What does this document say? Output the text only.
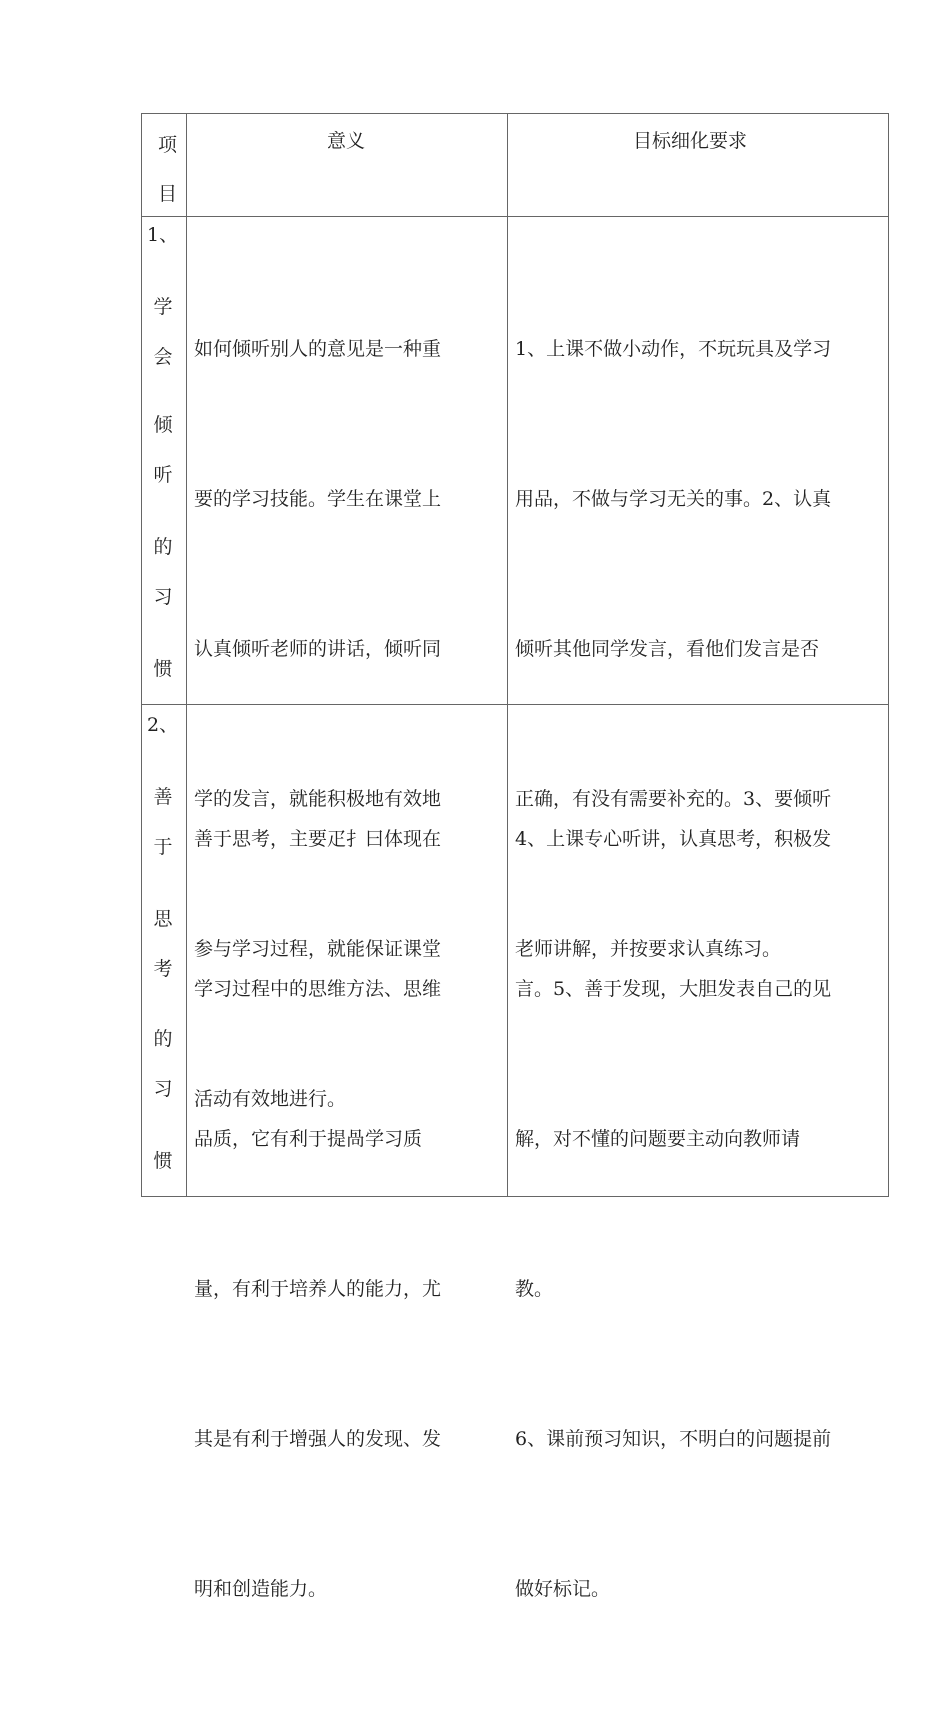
项
目
意义	目标细化要求
1、
学
会
倾
听
的
习
惯

如何倾听别人的意见是一种重

要的学习技能。学生在课堂上

认真倾听老师的讲话，倾听同

学的发言，就能积极地有效地

参与学习过程，就能保证课堂

活动有效地进行。

1、上课不做小动作，不玩玩具及学习

用品，不做与学习无关的事。2、认真

倾听其他同学发言，看他们发言是否

正确，有没有需要补充的。3、要倾听

老师讲解，并按要求认真练习。

2、
善
于
思
考
的
习
惯

善于思考，主要疋扌曰体现在

学习过程中的思维方法、思维

品质，它有利于提咼学习质

量，有利于培养人的能力，尤

其是有利于增强人的发现、发

明和创造能力。

4、上课专心听讲，认真思考，积极发

言。5、善于发现，大胆发表自己的见

解，对不懂的问题要主动向教师请

教。

6、课前预习知识，不明白的问题提前

做好标记。
